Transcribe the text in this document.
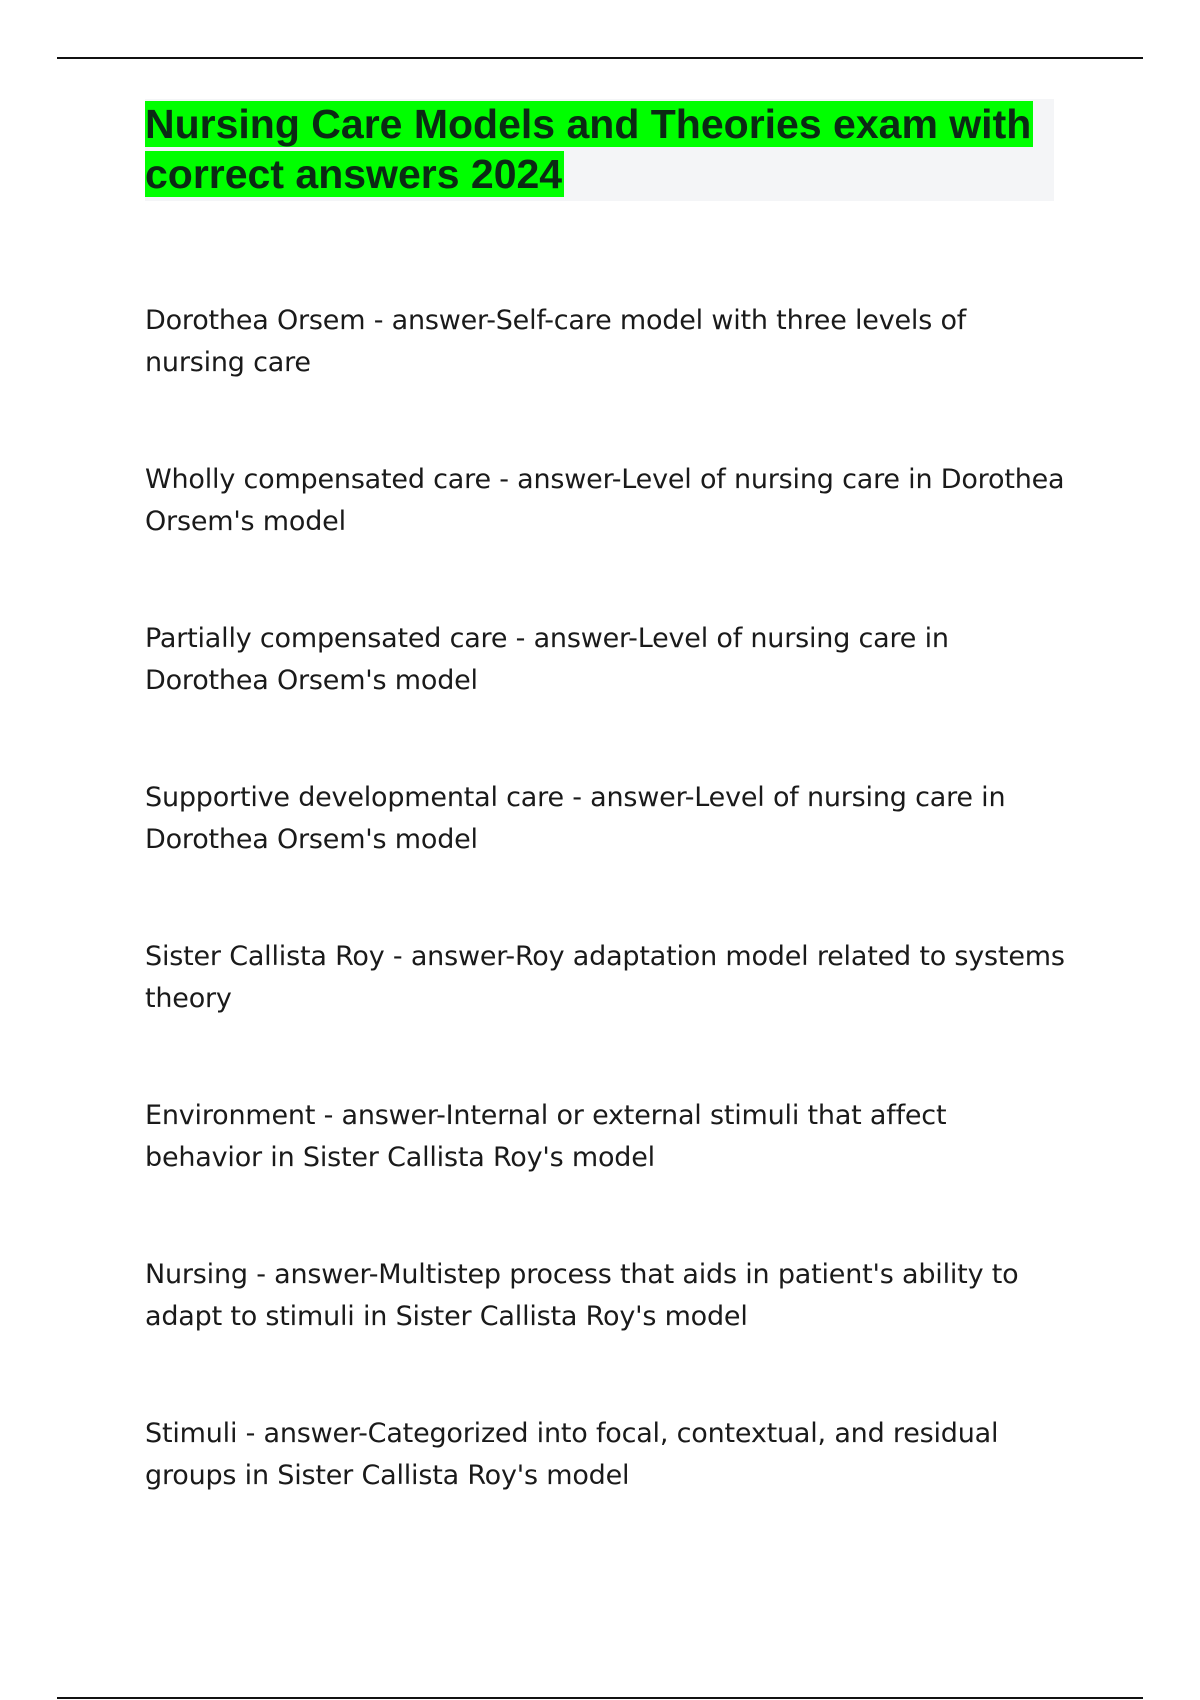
Nursing Care Models and Theories exam with correct answers 2024
Dorothea Orsem - answer-Self-care model with three levels of nursing care
Wholly compensated care - answer-Level of nursing care in Dorothea Orsem's model
Partially compensated care - answer-Level of nursing care in Dorothea Orsem's model
Supportive developmental care - answer-Level of nursing care in Dorothea Orsem's model
Sister Callista Roy - answer-Roy adaptation model related to systems theory
Environment - answer-Internal or external stimuli that affect behavior in Sister Callista Roy's model
Nursing - answer-Multistep process that aids in patient's ability to adapt to stimuli in Sister Callista Roy's model
Stimuli - answer-Categorized into focal, contextual, and residual groups in Sister Callista Roy's model
